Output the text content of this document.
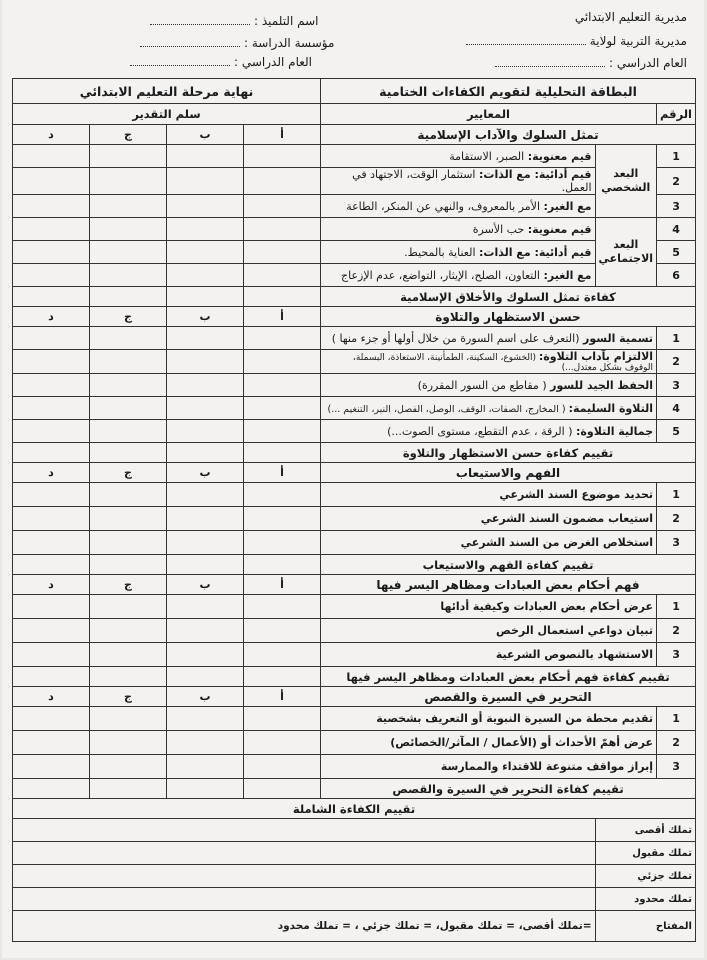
مديرية التعليم الابتدائي
مديرية التربية لولاية
العام الدراسي :
اسم التلميذ :
مؤسسة الدراسة :
العام الدراسي :
البطاقة التحليلية لتقويم الكفاءات الختامية			نهاية مرحلة التعليم الابتدائي			
الرقم	المعايير		سلم التقدير			
تمثل السلوك والآداب الإسلامية			أ	ب	ج	د
1	البعد الشخصي	قيم معنوية: الصبر، الاستقامة				
2		قيم أدائية: مع الذات: استثمار الوقت، الاجتهاد في العمل.				
3		مع الغير: الأمر بالمعروف، والنهي عن المنكر، الطاعة				
4	البعد الاجتماعي	قيم معنوية: حب الأسرة				
5		قيم أدائية: مع الذات: العناية بالمحيط.				
6		مع الغير: التعاون، الصلح، الإيثار، التواضع، عدم الإزعاج				
كفاءة تمثل السلوك والأخلاق الإسلامية						
حسن الاستظهار والتلاوة			أ	ب	ج	د
1	تسمية السور (التعرف على اسم السورة من خلال أولها أو جزء منها )					
2	الالتزام بآداب التلاوة: (الخشوع، السكينة، الطمأنينة، الاستعاذة، البسملة، الوقوف بشكل معتدل...)					
3	الحفظ الجيد للسور ( مقاطع من السور المقررة)					
4	التلاوة السليمة: ( المخارج، الصفات، الوقف، الوصل، الفصل، النبر، التنغيم ...)					
5	جمالية التلاوة: ( الرقة ، عدم التقطع، مستوى الصوت...)					
تقييم كفاءة حسن الاستظهار والتلاوة						
الفهم والاستيعاب			أ	ب	ج	د
1	تحديد موضوع السند الشرعي					
2	استيعاب مضمون السند الشرعي					
3	استخلاص الغرض من السند الشرعي					
تقييم كفاءة الفهم والاستيعاب						
فهم أحكام بعض العبادات ومظاهر اليسر فيها			أ	ب	ج	د
1	عرض أحكام بعض العبادات وكيفية أدائها					
2	تبيان دواعي استعمال الرخص					
3	الاستشهاد بالنصوص الشرعية					
تقييم كفاءة فهم أحكام بعض العبادات ومظاهر اليسر فيها						
التحرير في السيرة والقصص			أ	ب	ج	د
1	تقديم محطة من السيرة النبوية أو التعريف بشخصية					
2	عرض أهمّ الأحداث أو (الأعمال / المآثر/الخصائص)					
3	إبراز مواقف متنوعة للاقتداء والممارسة					
تقييم كفاءة التحرير في السيرة والقصص						
تقييم الكفاءة الشاملة						
تملك أقصى						
تملك مقبول						
تملك جزئي						
تملك محدود						
المفتاح		=تملك أقصى، = تملك مقبول، = تملك جزئي ، = تملك محدود				
